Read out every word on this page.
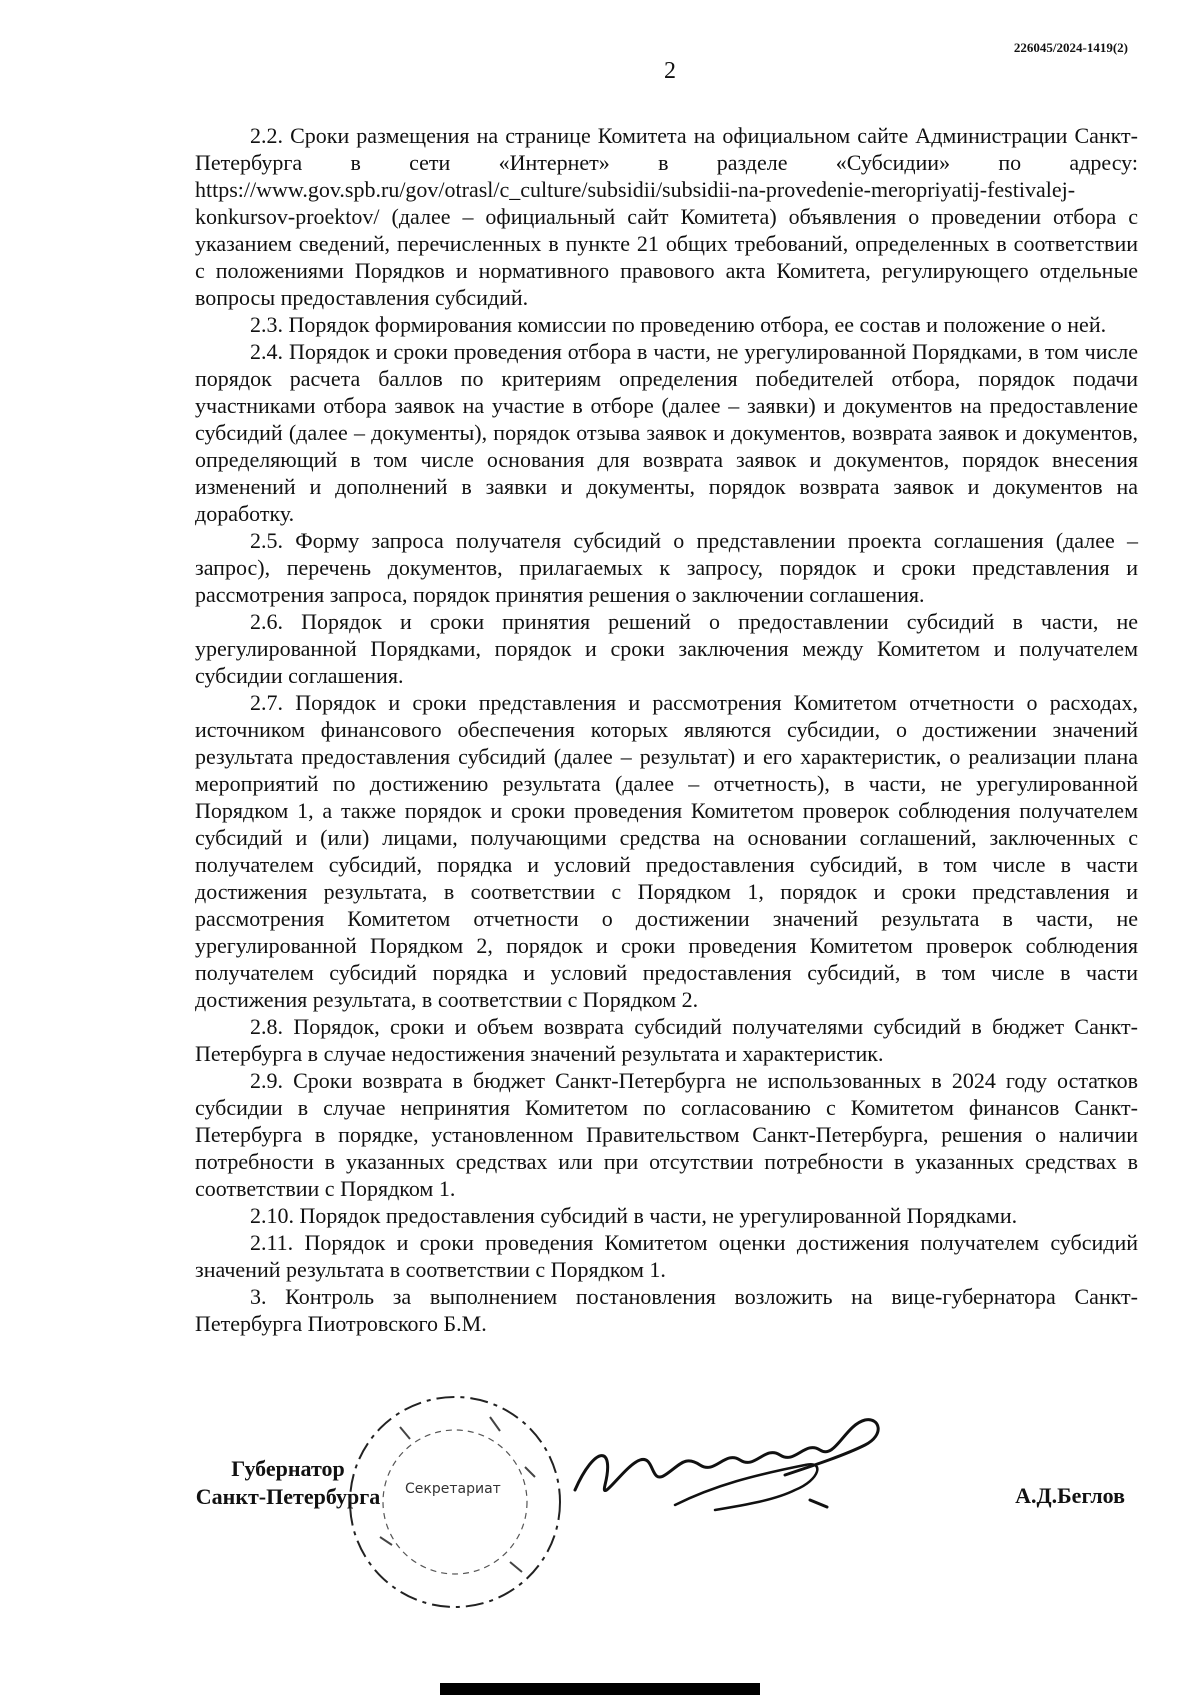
226045/2024-1419(2)
2

2.2. Сроки размещения на странице Комитета на официальном сайте Администрации Санкт-Петербурга в сети «Интернет» в разделе «Субсидии» по адресу: https://www.gov.spb.ru/gov/otrasl/c_culture/subsidii/subsidii-na-provedenie-meropriyatij-festivalej-konkursov-proektov/ (далее – официальный сайт Комитета) объявления о проведении отбора с указанием сведений, перечисленных в пункте 21 общих требований, определенных в соответствии с положениями Порядков и нормативного правового акта Комитета, регулирующего отдельные вопросы предоставления субсидий.

2.3. Порядок формирования комиссии по проведению отбора, ее состав и положение о ней.

2.4. Порядок и сроки проведения отбора в части, не урегулированной Порядками, в том числе порядок расчета баллов по критериям определения победителей отбора, порядок подачи участниками отбора заявок на участие в отборе (далее – заявки) и документов на предоставление субсидий (далее – документы), порядок отзыва заявок и документов, возврата заявок и документов, определяющий в том числе основания для возврата заявок и документов, порядок внесения изменений и дополнений в заявки и документы, порядок возврата заявок и документов на доработку.

2.5. Форму запроса получателя субсидий о представлении проекта соглашения (далее – запрос), перечень документов, прилагаемых к запросу, порядок и сроки представления и рассмотрения запроса, порядок принятия решения о заключении соглашения.

2.6. Порядок и сроки принятия решений о предоставлении субсидий в части, не урегулированной Порядками, порядок и сроки заключения между Комитетом и получателем субсидии соглашения.

2.7. Порядок и сроки представления и рассмотрения Комитетом отчетности о расходах, источником финансового обеспечения которых являются субсидии, о достижении значений результата предоставления субсидий (далее – результат) и его характеристик, о реализации плана мероприятий по достижению результата (далее – отчетность), в части, не урегулированной Порядком 1, а также порядок и сроки проведения Комитетом проверок соблюдения получателем субсидий и (или) лицами, получающими средства на основании соглашений, заключенных с получателем субсидий, порядка и условий предоставления субсидий, в том числе в части достижения результата, в соответствии с Порядком 1, порядок и сроки представления и рассмотрения Комитетом отчетности о достижении значений результата в части, не урегулированной Порядком 2, порядок и сроки проведения Комитетом проверок соблюдения получателем субсидий порядка и условий предоставления субсидий, в том числе в части достижения результата, в соответствии с Порядком 2.

2.8. Порядок, сроки и объем возврата субсидий получателями субсидий в бюджет Санкт-Петербурга в случае недостижения значений результата и характеристик.

2.9. Сроки возврата в бюджет Санкт-Петербурга не использованных в 2024 году остатков субсидии в случае непринятия Комитетом по согласованию с Комитетом финансов Санкт-Петербурга в порядке, установленном Правительством Санкт-Петербурга, решения о наличии потребности в указанных средствах или при отсутствии потребности в указанных средствах в соответствии с Порядком 1.

2.10. Порядок предоставления субсидий в части, не урегулированной Порядками.

2.11. Порядок и сроки проведения Комитетом оценки достижения получателем субсидий значений результата в соответствии с Порядком 1.

3. Контроль за выполнением постановления возложить на вице-губернатора Санкт-Петербурга Пиотровского Б.М.

Губернатор
Санкт-Петербурга	Секретариат	А.Д.Беглов
